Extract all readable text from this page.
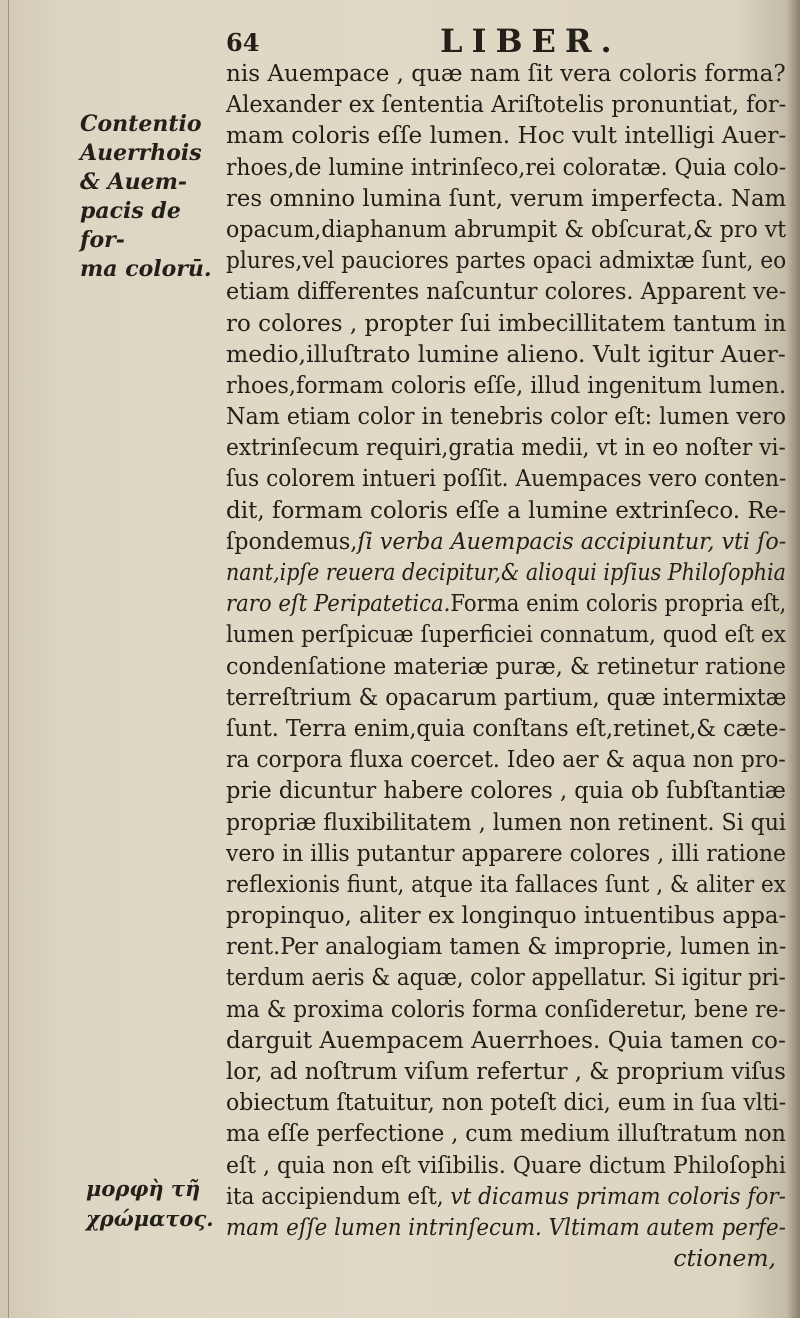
64	LIBER.
Contentio
Auerrhois
& Auem-
pacis de for-
ma colorū.
μορφὴ τῆ
χρώματος.
nis Auempace , quæ nam ſit vera coloris forma?
Alexander ex ſententia Ariſtotelis pronuntiat, for-
mam coloris eſſe lumen. Hoc vult intelligi Auer-
rhoes,de lumine intrinſeco,rei coloratæ. Quia colo-
res omnino lumina ſunt, verum imperfecta. Nam
opacum,diaphanum abrumpit & obſcurat,& pro vt
plures,vel pauciores partes opaci admixtæ ſunt, eo
etiam differentes naſcuntur colores. Apparent ve-
ro colores , propter ſui imbecillitatem tantum in
medio,illuſtrato lumine alieno. Vult igitur Auer-
rhoes,formam coloris eſſe, illud ingenitum lumen.
Nam etiam color in tenebris color eſt: lumen vero
extrinſecum requiri,gratia medii, vt in eo noſter vi-
ſus colorem intueri poſſit. Auempaces vero conten-
dit, formam coloris eſſe a lumine extrinſeco. Re-
ſpondemus,ſi verba Auempacis accipiuntur, vti ſo-
nant,ipſe reuera decipitur,& alioqui ipſius Philoſophia
raro eſt Peripatetica.Forma enim coloris propria eſt,
lumen perſpicuæ ſuperficiei connatum, quod eſt ex
condenſatione materiæ puræ, & retinetur ratione
terreſtrium & opacarum partium, quæ intermixtæ
ſunt. Terra enim,quia conſtans eſt,retinet,& cæte-
ra corpora fluxa coercet. Ideo aer & aqua non pro-
prie dicuntur habere colores , quia ob ſubſtantiæ
propriæ fluxibilitatem , lumen non retinent. Si qui
vero in illis putantur apparere colores , illi ratione
reflexionis fiunt, atque ita fallaces ſunt , & aliter ex
propinquo, aliter ex longinquo intuentibus appa-
rent.Per analogiam tamen & improprie, lumen in-
terdum aeris & aquæ, color appellatur. Si igitur pri-
ma & proxima coloris forma conſideretur, bene re-
darguit Auempacem Auerrhoes. Quia tamen co-
lor, ad noſtrum viſum refertur , & proprium viſus
obiectum ſtatuitur, non poteſt dici, eum in ſua vlti-
ma eſſe perfectione , cum medium illuſtratum non
eſt , quia non eſt viſibilis. Quare dictum Philoſophi
ita accipiendum eſt, vt dicamus primam coloris for-
mam eſſe lumen intrinſecum. Vltimam autem perfe-
ctionem,
